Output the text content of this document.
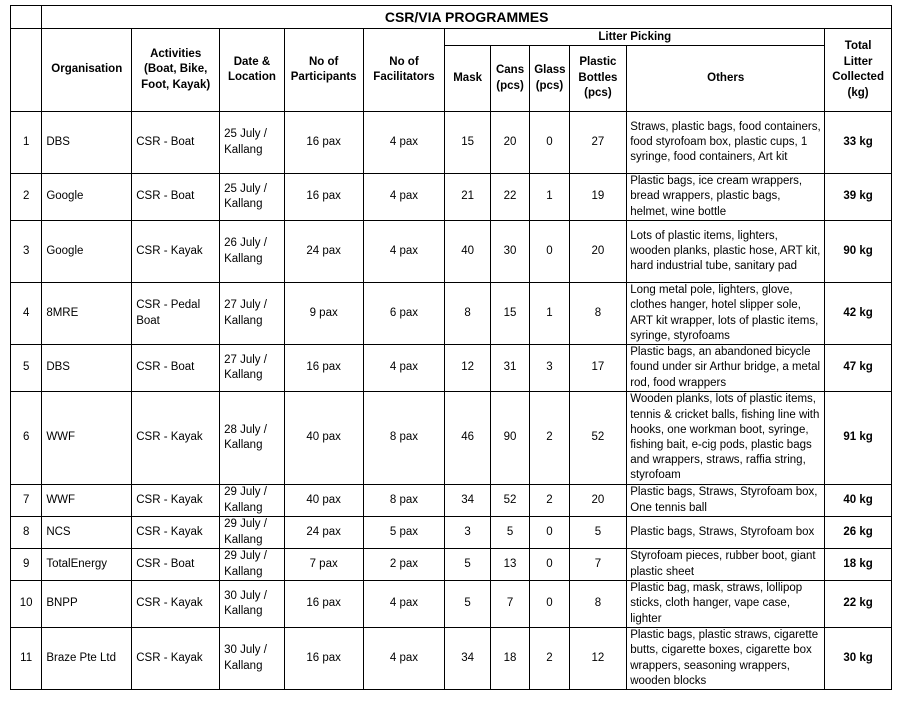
	CSR/VIA PROGRAMMES										
	Organisation	Activities (Boat, Bike, Foot, Kayak)	Date & Location	No of Participants	No of Facilitators	Litter Picking					Total Litter Collected (kg)
						Mask	Cans (pcs)	Glass (pcs)	Plastic Bottles (pcs)	Others	
1	DBS	CSR - Boat	25 July / Kallang	16 pax	4 pax	15	20	0	27	Straws, plastic bags, food containers, food styrofoam box, plastic cups, 1 syringe, food containers, Art kit	33 kg
2	Google	CSR - Boat	25 July / Kallang	16 pax	4 pax	21	22	1	19	Plastic bags, ice cream wrappers, bread wrappers, plastic bags, helmet, wine bottle	39 kg
3	Google	CSR - Kayak	26 July / Kallang	24 pax	4 pax	40	30	0	20	Lots of plastic items, lighters, wooden planks, plastic hose, ART kit, hard industrial tube, sanitary pad	90 kg
4	8MRE	CSR - Pedal Boat	27 July / Kallang	9 pax	6 pax	8	15	1	8	Long metal pole, lighters, glove, clothes hanger, hotel slipper sole, ART kit wrapper, lots of plastic items, syringe, styrofoams	42 kg
5	DBS	CSR - Boat	27 July / Kallang	16 pax	4 pax	12	31	3	17	Plastic bags, an abandoned bicycle found under sir Arthur bridge, a metal rod, food wrappers	47 kg
6	WWF	CSR - Kayak	28 July / Kallang	40 pax	8 pax	46	90	2	52	Wooden planks, lots of plastic items, tennis & cricket balls, fishing line with hooks, one workman boot, syringe, fishing bait, e-cig pods, plastic bags and wrappers, straws, raffia string, styrofoam	91 kg
7	WWF	CSR - Kayak	29 July / Kallang	40 pax	8 pax	34	52	2	20	Plastic bags, Straws, Styrofoam box, One tennis ball	40 kg
8	NCS	CSR - Kayak	29 July / Kallang	24 pax	5 pax	3	5	0	5	Plastic bags, Straws, Styrofoam box	26 kg
9	TotalEnergy	CSR - Boat	29 July / Kallang	7 pax	2 pax	5	13	0	7	Styrofoam pieces, rubber boot, giant plastic sheet	18 kg
10	BNPP	CSR - Kayak	30 July / Kallang	16 pax	4 pax	5	7	0	8	Plastic bag, mask, straws, lollipop sticks, cloth hanger, vape case, lighter	22 kg
11	Braze Pte Ltd	CSR - Kayak	30 July / Kallang	16 pax	4 pax	34	18	2	12	Plastic bags, plastic straws, cigarette butts, cigarette boxes, cigarette box wrappers, seasoning wrappers, wooden blocks	30 kg
